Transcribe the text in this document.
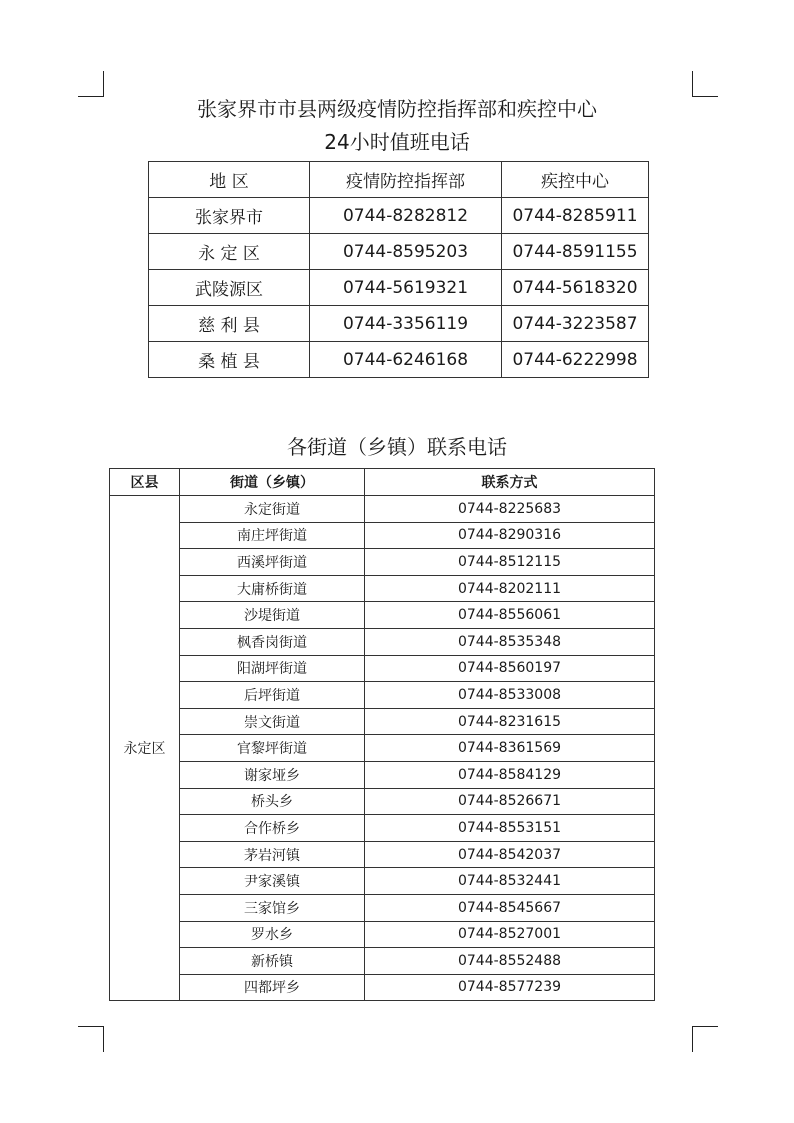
张家界市市县两级疫情防控指挥部和疾控中心
24小时值班电话
地 区	疫情防控指挥部	疾控中心
张家界市	0744-8282812	0744-8285911
永 定 区	0744-8595203	0744-8591155
武陵源区	0744-5619321	0744-5618320
慈 利 县	0744-3356119	0744-3223587
桑 植 县	0744-6246168	0744-6222998
各街道（乡镇）联系电话
区县	街道（乡镇）	联系方式
永定区	永定街道	0744-8225683
	南庄坪街道	0744-8290316
	西溪坪街道	0744-8512115
	大庸桥街道	0744-8202111
	沙堤街道	0744-8556061
	枫香岗街道	0744-8535348
	阳湖坪街道	0744-8560197
	后坪街道	0744-8533008
	崇文街道	0744-8231615
	官黎坪街道	0744-8361569
	谢家垭乡	0744-8584129
	桥头乡	0744-8526671
	合作桥乡	0744-8553151
	茅岩河镇	0744-8542037
	尹家溪镇	0744-8532441
	三家馆乡	0744-8545667
	罗水乡	0744-8527001
	新桥镇	0744-8552488
	四都坪乡	0744-8577239
